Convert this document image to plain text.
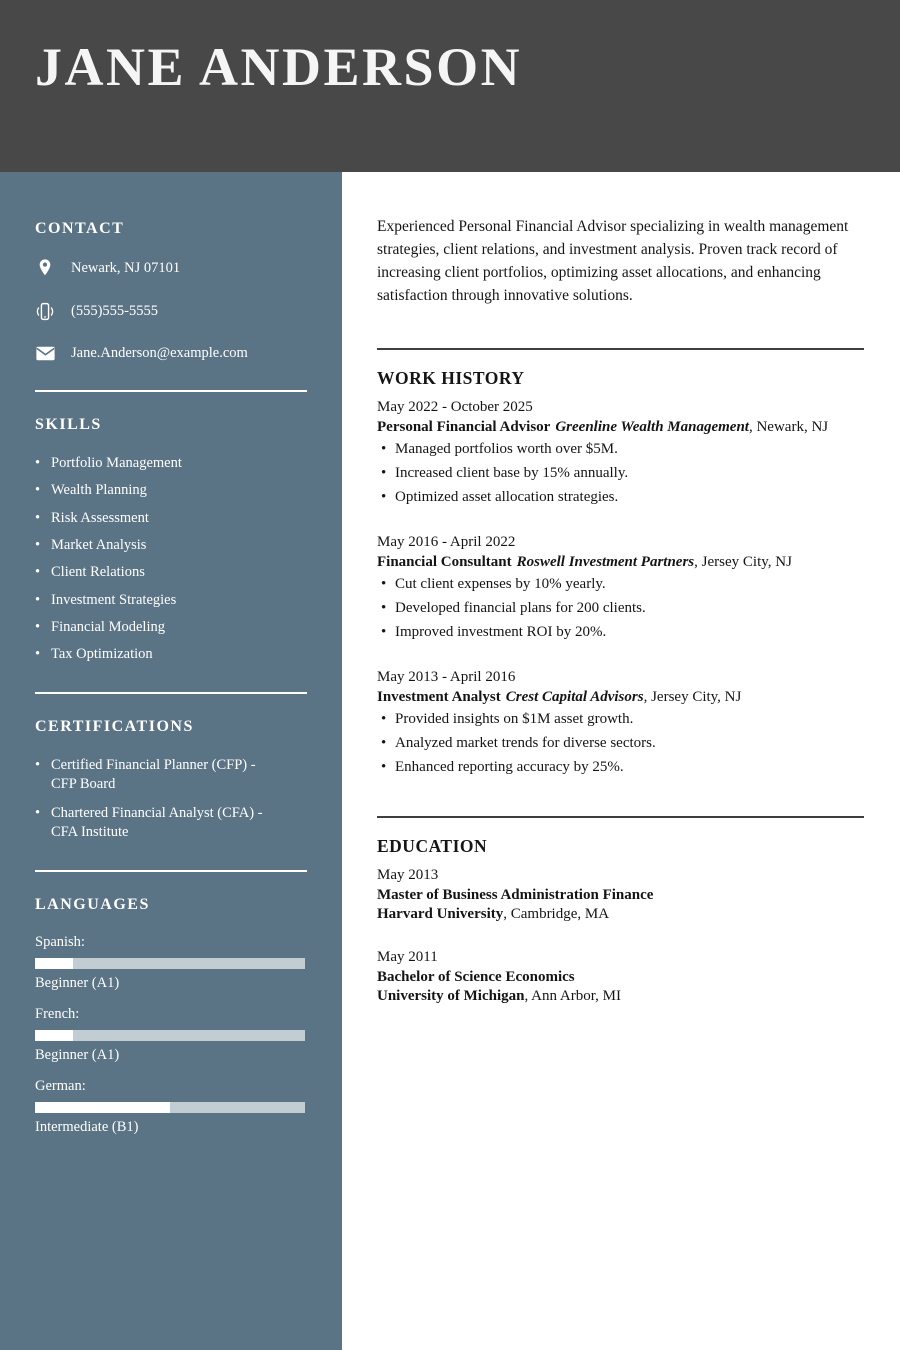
JANE ANDERSON
CONTACT
Newark, NJ 07101
(555)555-5555
Jane.Anderson@example.com
SKILLS
• Portfolio Management
• Wealth Planning
• Risk Assessment
• Market Analysis
• Client Relations
• Investment Strategies
• Financial Modeling
• Tax Optimization
CERTIFICATIONS
• Certified Financial Planner (CFP) - CFP Board
• Chartered Financial Analyst (CFA) - CFA Institute
LANGUAGES
Spanish:
Beginner (A1)
French:
Beginner (A1)
German:
Intermediate (B1)

Experienced Personal Financial Advisor specializing in wealth management strategies, client relations, and investment analysis. Proven track record of increasing client portfolios, optimizing asset allocations, and enhancing satisfaction through innovative solutions.

WORK HISTORY
May 2022 - October 2025
Personal Financial Advisor Greenline Wealth Management, Newark, NJ
• Managed portfolios worth over $5M.
• Increased client base by 15% annually.
• Optimized asset allocation strategies.
May 2016 - April 2022
Financial Consultant Roswell Investment Partners, Jersey City, NJ
• Cut client expenses by 10% yearly.
• Developed financial plans for 200 clients.
• Improved investment ROI by 20%.
May 2013 - April 2016
Investment Analyst Crest Capital Advisors, Jersey City, NJ
• Provided insights on $1M asset growth.
• Analyzed market trends for diverse sectors.
• Enhanced reporting accuracy by 25%.
EDUCATION
May 2013
Master of Business Administration Finance
Harvard University, Cambridge, MA
May 2011
Bachelor of Science Economics
University of Michigan, Ann Arbor, MI
